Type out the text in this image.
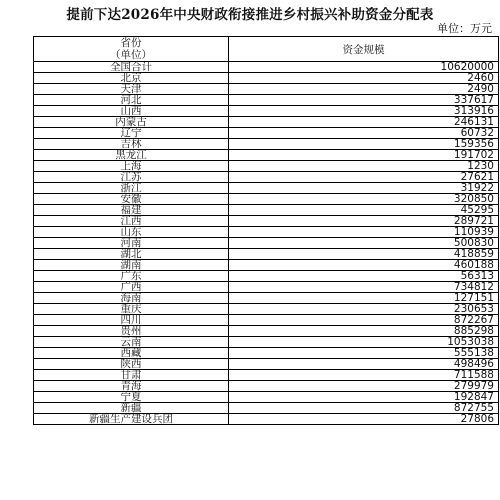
提前下达2026年中央财政衔接推进乡村振兴补助资金分配表
单位：万元
省份
（单位）	资金规模
全国合计	10620000
北京	2460
天津	2490
河北	337617
山西	313916
内蒙古	246131
辽宁	60732
吉林	159356
黑龙江	191702
上海	1230
江苏	27621
浙江	31922
安徽	320850
福建	45295
江西	289721
山东	110939
河南	500830
湖北	418859
湖南	460188
广东	56313
广西	734812
海南	127151
重庆	230653
四川	872267
贵州	885298
云南	1053038
西藏	555138
陕西	498496
甘肃	711588
青海	279979
宁夏	192847
新疆	872755
新疆生产建设兵团	27806
